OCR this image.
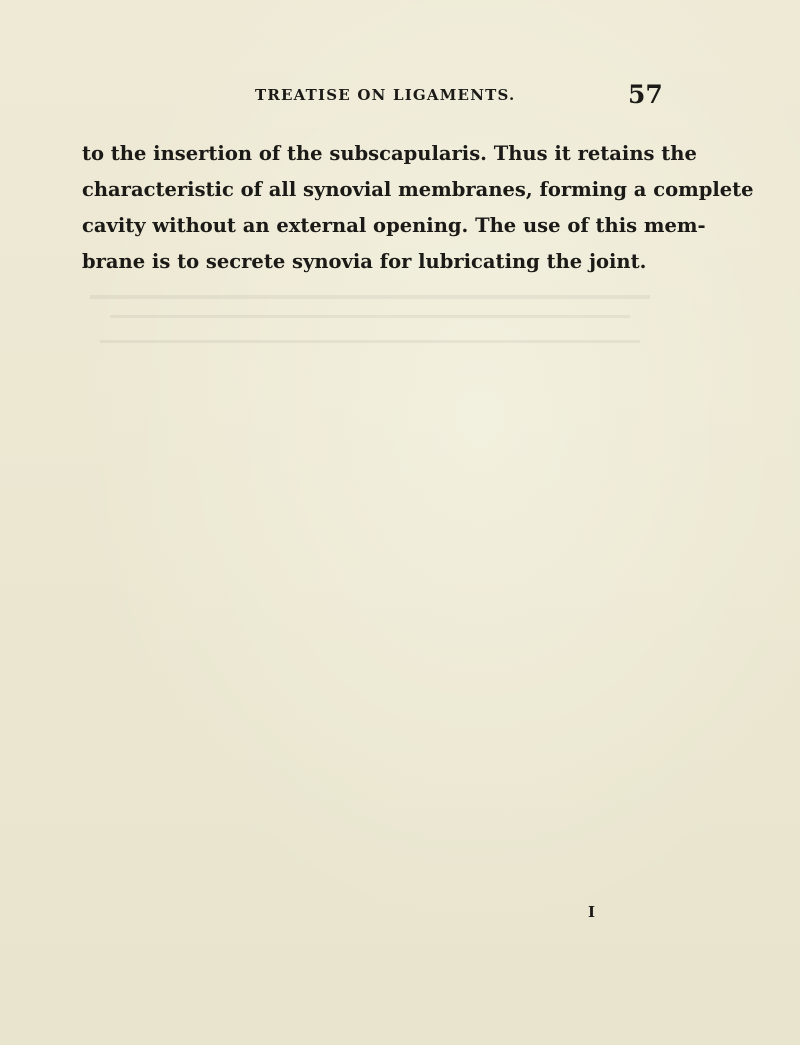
TREATISE ON LIGAMENTS.	57
to the insertion of the subscapularis. Thus it retains the
characteristic of all synovial membranes, forming a complete
cavity without an external opening. The use of this mem-
brane is to secrete synovia for lubricating the joint.
I
